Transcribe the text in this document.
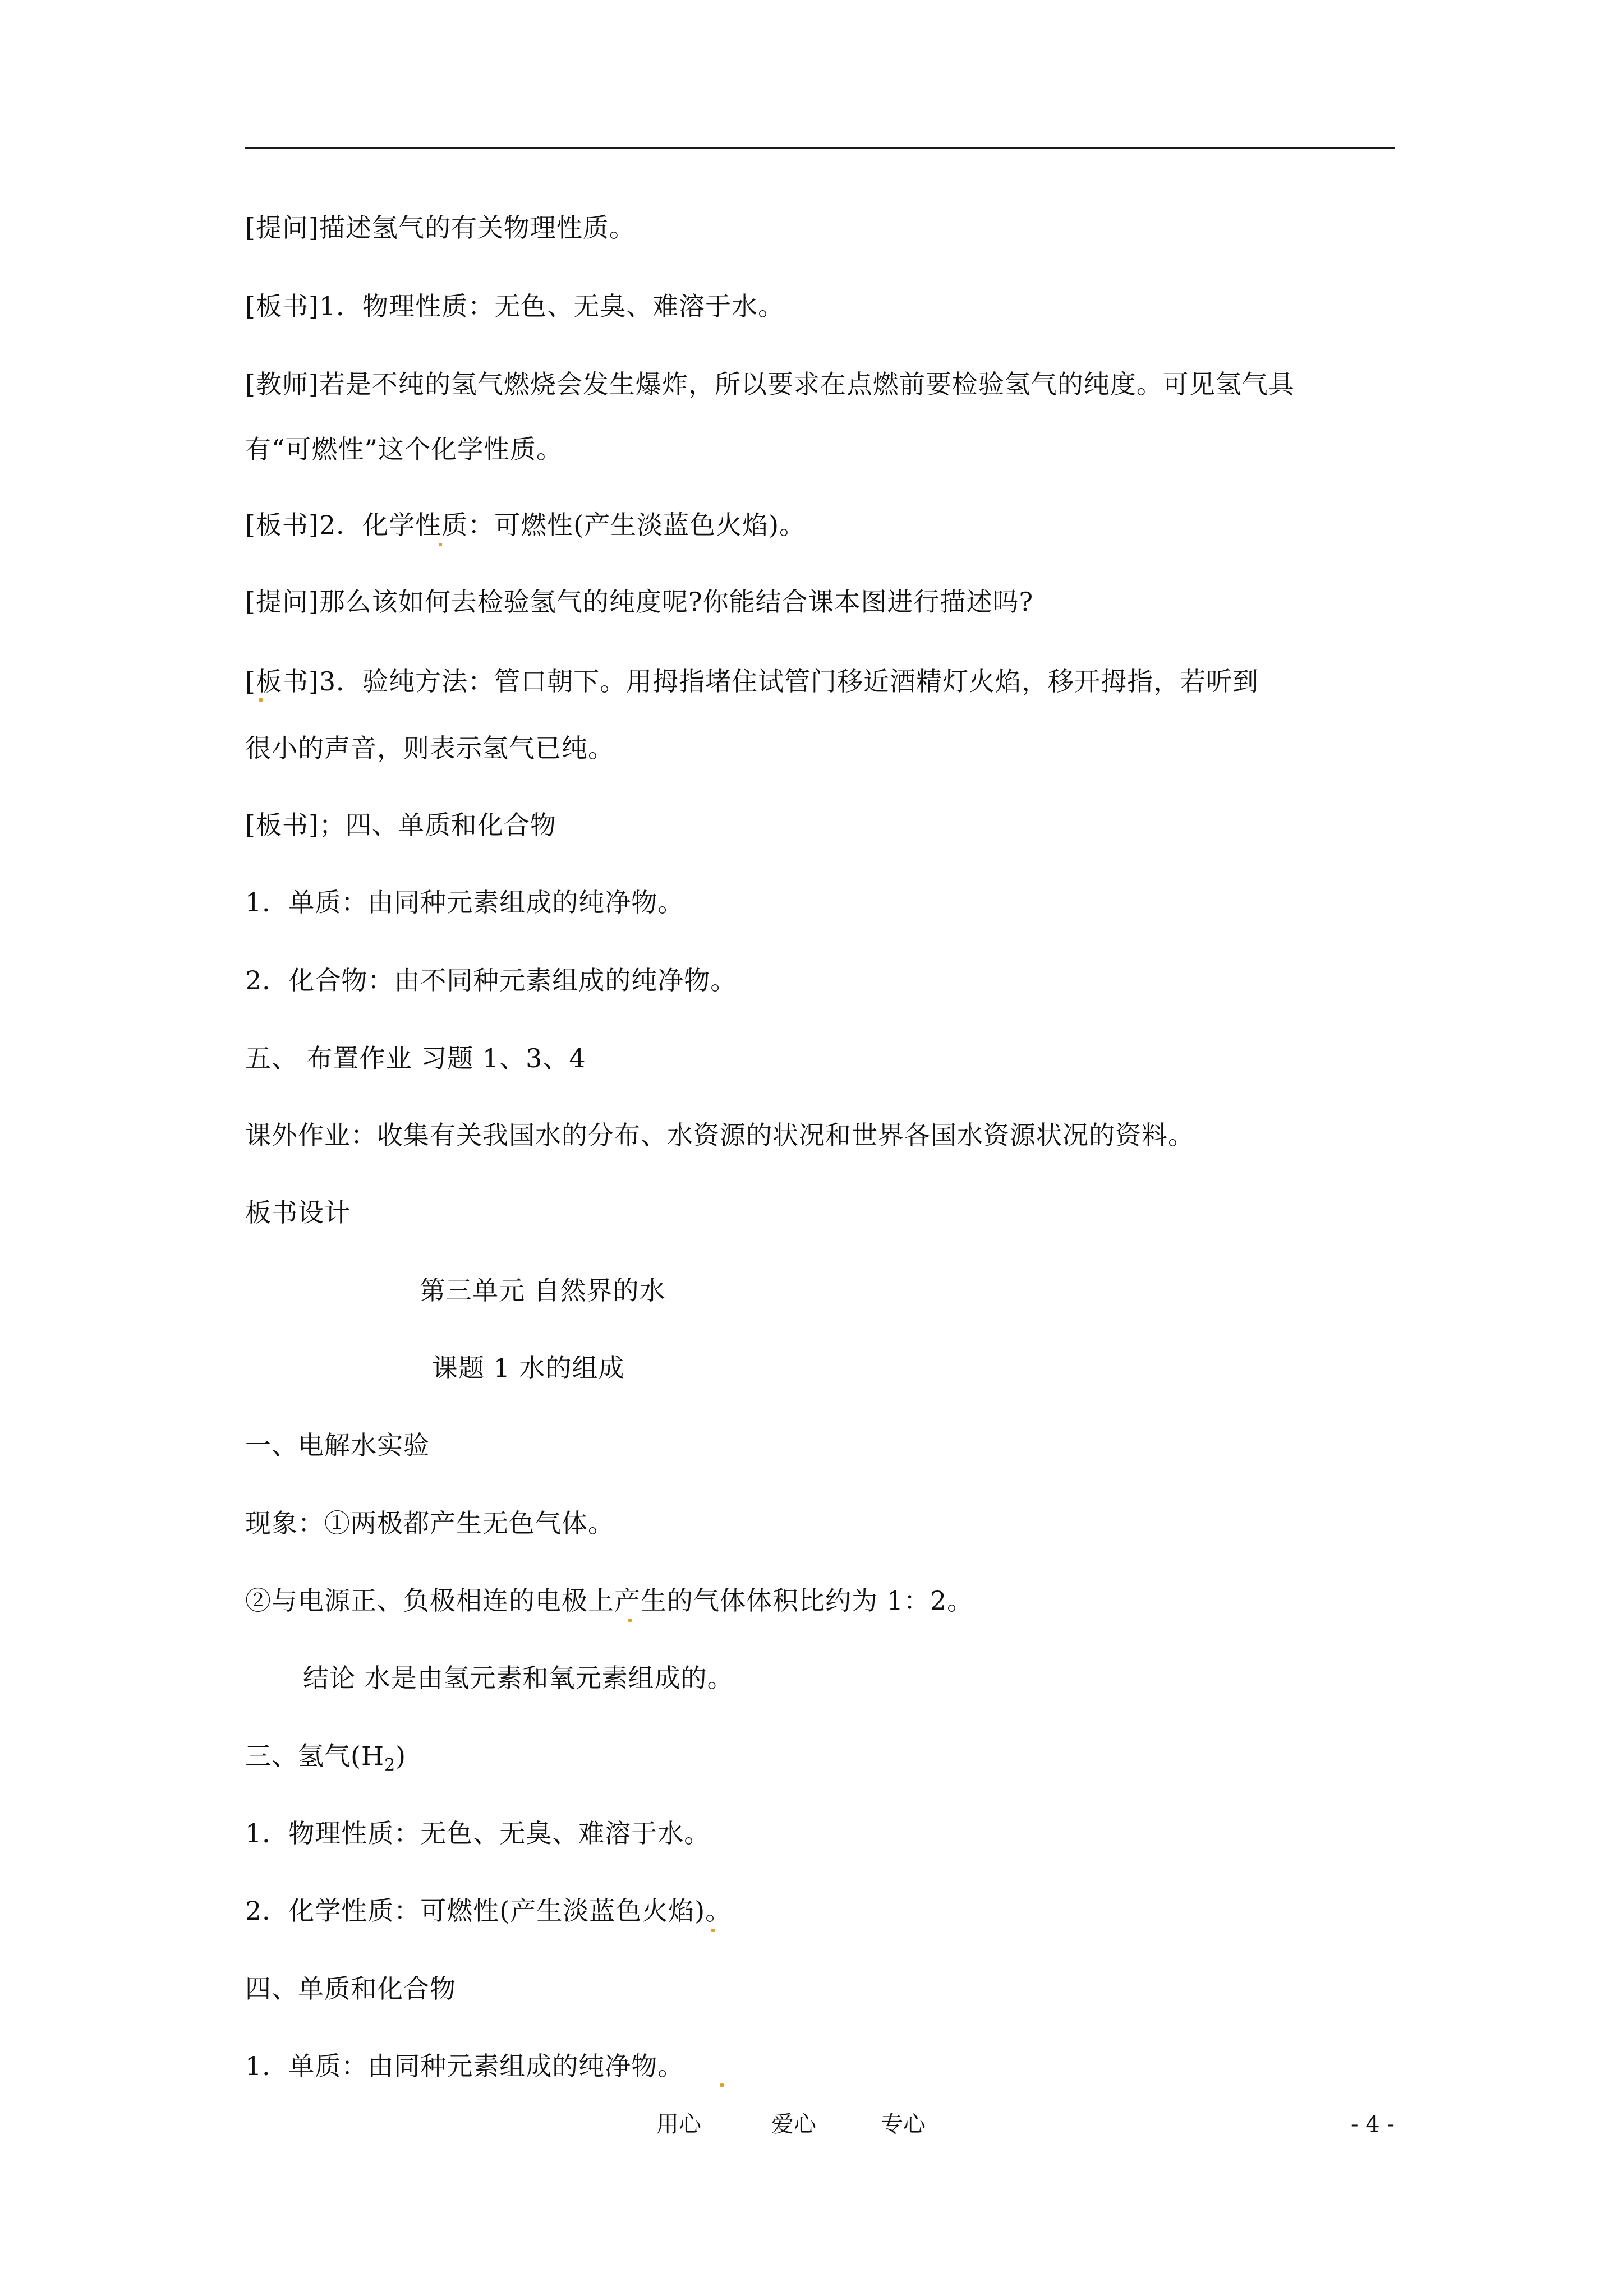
[提问]描述氢气的有关物理性质。
[板书]1．物理性质：无色、无臭、难溶于水。
[教师]若是不纯的氢气燃烧会发生爆炸，所以要求在点燃前要检验氢气的纯度。可见氢气具
有“可燃性”这个化学性质。
[板书]2．化学性质：可燃性(产生淡蓝色火焰)。
[提问]那么该如何去检验氢气的纯度呢?你能结合课本图进行描述吗?
[板书]3．验纯方法：管口朝下。用拇指堵住试管门移近酒精灯火焰，移开拇指，若听到
很小的声音，则表示氢气已纯。
[板书]；四、单质和化合物
1．单质：由同种元素组成的纯净物。
2．化合物：由不同种元素组成的纯净物。
五、 布置作业 习题 1、3、4
课外作业：收集有关我国水的分布、水资源的状况和世界各国水资源状况的资料。
板书设计
第三单元 自然界的水
课题 1 水的组成
一、电解水实验
现象：①两极都产生无色气体。
②与电源正、负极相连的电极上产生的气体体积比约为 1：2。
结论 水是由氢元素和氧元素组成的。
三、氢气$(H_2)$
1．物理性质：无色、无臭、难溶于水。
2．化学性质：可燃性(产生淡蓝色火焰)。
四、单质和化合物
1．单质：由同种元素组成的纯净物。
用心	爱心	专心	- 4 -
